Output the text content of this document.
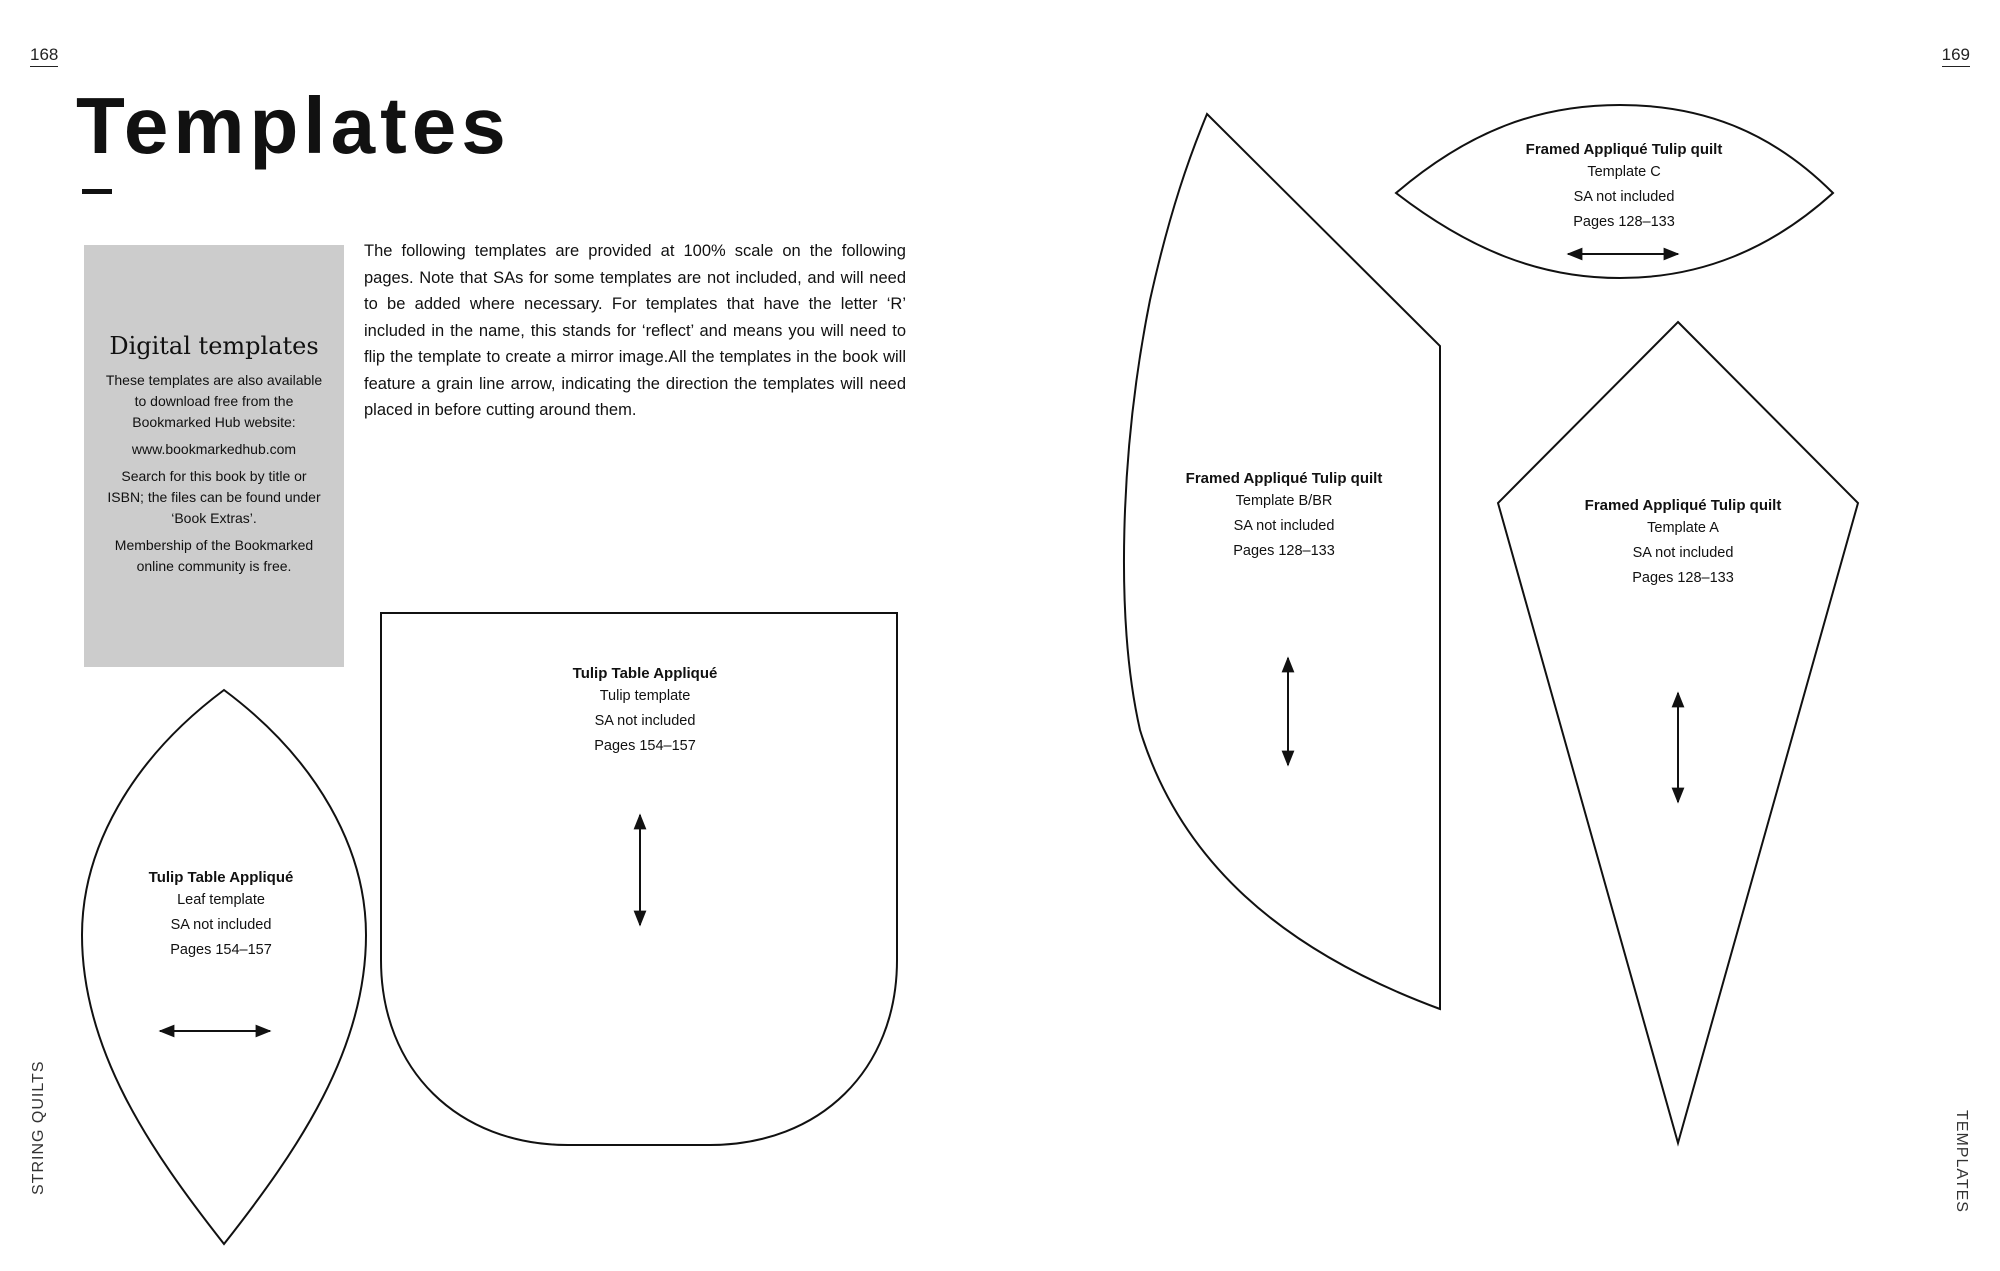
168	169
STRING QUILTS	TEMPLATES
Templates
Digital templates

These templates are also available to download free from the Bookmarked Hub website:

www.bookmarkedhub.com

Search for this book by title or ISBN; the files can be found under ‘Book Extras’.

Membership of the Bookmarked online community is free.

The following templates are provided at 100% scale on the following pages. Note that SAs for some templates are not included, and will need to be added where necessary. For templates that have the letter ‘R’ included in the name, this stands for ‘reflect’ and means you will need to flip the template to create a mirror image.All the templates in the book will feature a grain line arrow, indicating the direction the templates will need placed in before cutting around them.

Tulip Table Appliqué
Leaf template
SA not included
Pages 154–157
Tulip Table Appliqué
Tulip template
SA not included
Pages 154–157
Framed Appliqué Tulip quilt
Template B/BR
SA not included
Pages 128–133
Framed Appliqué Tulip quilt
Template C
SA not included
Pages 128–133
Framed Appliqué Tulip quilt
Template A
SA not included
Pages 128–133
